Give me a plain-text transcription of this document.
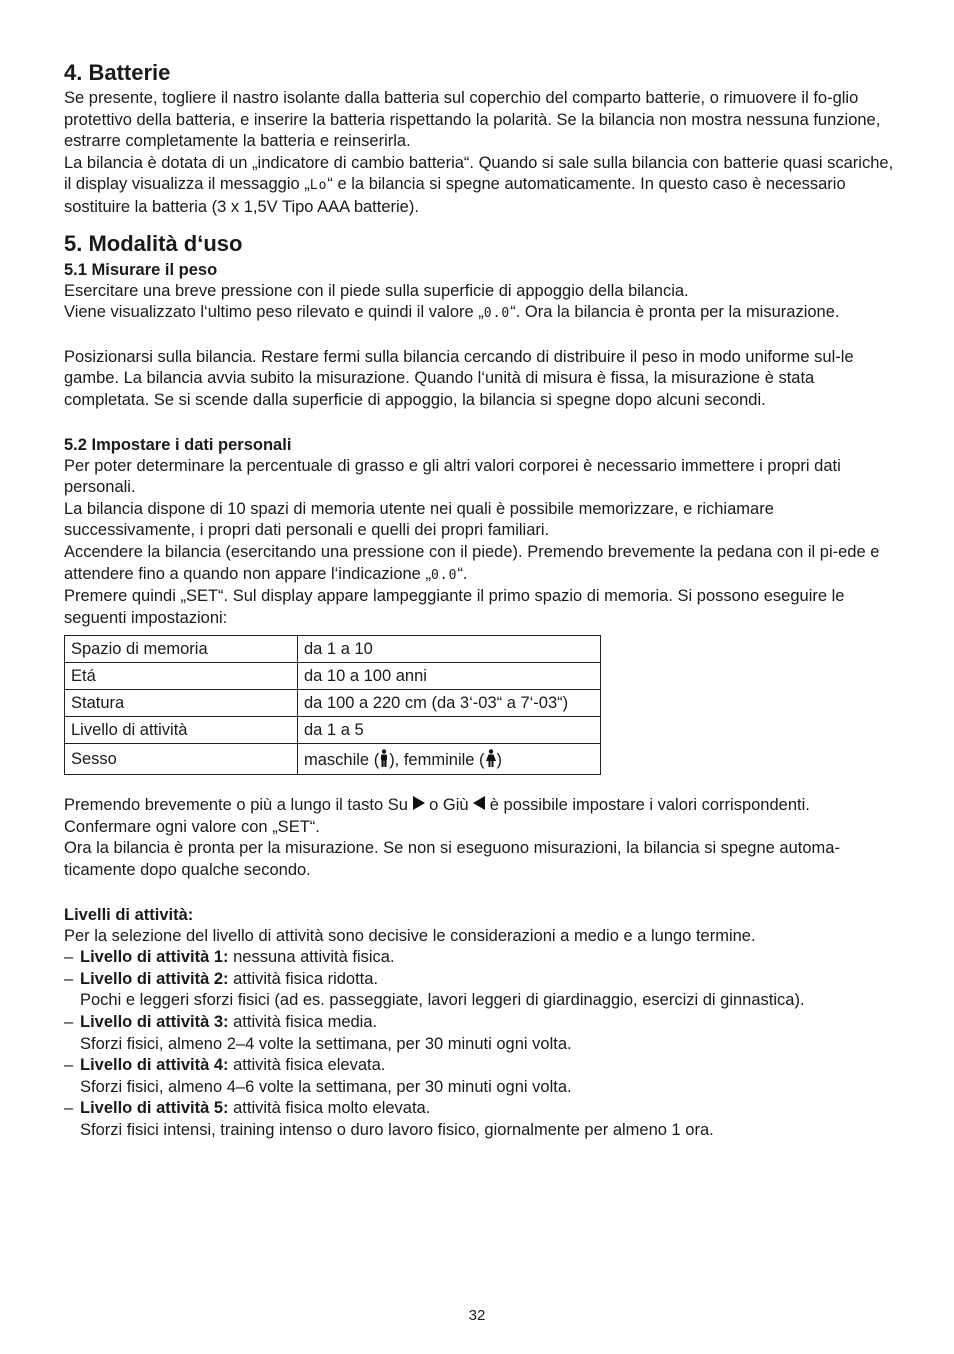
4. Batterie

Se presente, togliere il nastro isolante dalla batteria sul coperchio del comparto batterie, o rimuovere il fo-glio protettivo della batteria, e inserire la batteria rispettando la polarità. Se la bilancia non mostra nessuna funzione, estrarre completamente la batteria e reinserirla.

La bilancia è dotata di un „indicatore di cambio batteria“. Quando si sale sulla bilancia con batterie quasi scariche, il display visualizza il messaggio „Lo“ e la bilancia si spegne automaticamente. In questo caso è necessario sostituire la batteria (3 x 1,5V Tipo AAA batterie).

5. Modalità d‘uso
5.1 Misurare il peso

Esercitare una breve pressione con il piede sulla superficie di appoggio della bilancia.

Viene visualizzato l‘ultimo peso rilevato e quindi il valore „0.0“. Ora la bilancia è pronta per la misurazione.

Posizionarsi sulla bilancia. Restare fermi sulla bilancia cercando di distribuire il peso in modo uniforme sul-le gambe. La bilancia avvia subito la misurazione. Quando l‘unità di misura è fissa, la misurazione è stata completata. Se si scende dalla superficie di appoggio, la bilancia si spegne dopo alcuni secondi.

5.2 Impostare i dati personali

Per poter determinare la percentuale di grasso e gli altri valori corporei è necessario immettere i propri dati personali.

La bilancia dispone di 10 spazi di memoria utente nei quali è possibile memorizzare, e richiamare successivamente, i propri dati personali e quelli dei propri familiari.

Accendere la bilancia (esercitando una pressione con il piede). Premendo brevemente la pedana con il pi-ede e attendere fino a quando non appare l‘indicazione „0.0“.

Premere quindi „SET“. Sul display appare lampeggiante il primo spazio di memoria. Si possono eseguire le seguenti impostazioni:

Spazio di memoria	da 1 a 10
Etá	da 10 a 100 anni
Statura	da 100 a 220 cm (da 3‘-03“ a 7‘-03“)
Livello di attività	da 1 a 5
Sesso	maschile ( ), femminile ( )

Premendo brevemente o più a lungo il tasto Su o Giù è possibile impostare i valori corrispondenti.

Confermare ogni valore con „SET“.

Ora la bilancia è pronta per la misurazione. Se non si eseguono misurazioni, la bilancia si spegne automa-ticamente dopo qualche secondo.

Livelli di attività:

Per la selezione del livello di attività sono decisive le considerazioni a medio e a lungo termine.

– Livello di attività 1: nessuna attività fisica.
– Livello di attività 2: attività fisica ridotta.
Pochi e leggeri sforzi fisici (ad es. passeggiate, lavori leggeri di giardinaggio, esercizi di ginnastica).
– Livello di attività 3: attività fisica media.
Sforzi fisici, almeno 2–4 volte la settimana, per 30 minuti ogni volta.
– Livello di attività 4: attività fisica elevata.
Sforzi fisici, almeno 4–6 volte la settimana, per 30 minuti ogni volta.
– Livello di attività 5: attività fisica molto elevata.
Sforzi fisici intensi, training intenso o duro lavoro fisico, giornalmente per almeno 1 ora.
32
